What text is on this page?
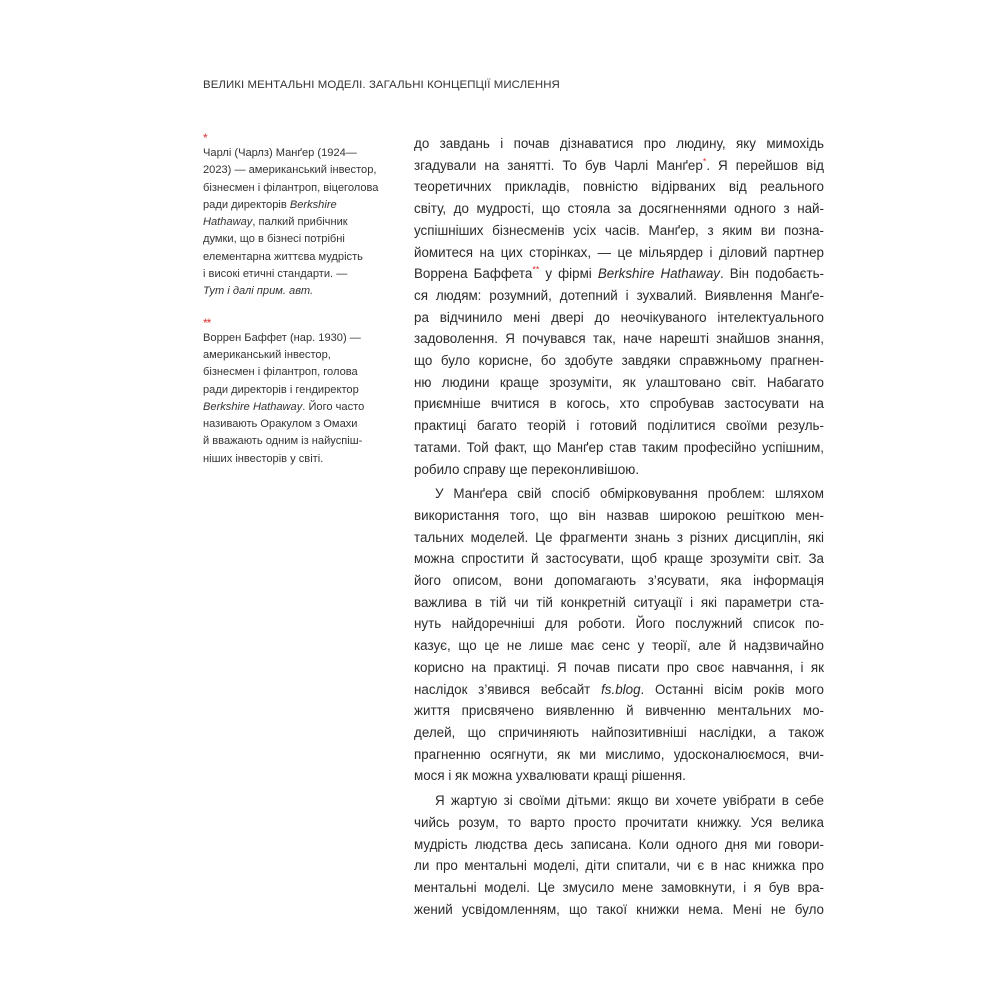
ВЕЛИКІ МЕНТАЛЬНІ МОДЕЛІ. ЗАГАЛЬНІ КОНЦЕПЦІЇ МИСЛЕННЯ
*
Чарлі (Чарлз) Манґер (1924—
2023) — американський інвестор,
бізнесмен і філантроп, віцеголова
ради директорів Berkshire
Hathaway, палкий прибічник
думки, що в бізнесі потрібні
елементарна життєва мудрість
і високі етичні стандарти. —
Тут і далі прим. авт.
**
Воррен Баффет (нар. 1930) —
американський інвестор,
бізнесмен і філантроп, голова
ради директорів і гендиректор
Berkshire Hathaway. Його часто
називають Оракулом з Омахи
й вважають одним із найуспіш-
ніших інвесторів у світі.
до завдань і почав дізнаватися про людину, яку мимохідь
згадували на занятті. То був Чарлі Манґер*. Я перейшов від
теоретичних прикладів, повністю відірваних від реального
світу, до мудрості, що стояла за досягненнями одного з най-
успішніших бізнесменів усіх часів. Манґер, з яким ви позна-
йомитеся на цих сторінках, — це мільярдер і діловий партнер
Воррена Баффета** у фірмі Berkshire Hathaway. Він подобаєть-
ся людям: розумний, дотепний і зухвалий. Виявлення Манґе-
ра відчинило мені двері до неочікуваного інтелектуального
задоволення. Я почувався так, наче нарешті знайшов знання,
що було корисне, бо здобуте завдяки справжньому прагнен-
ню людини краще зрозуміти, як улаштовано світ. Набагато
приємніше вчитися в когось, хто спробував застосувати на
практиці багато теорій і готовий поділитися своїми резуль-
татами. Той факт, що Манґер став таким професійно успішним,
робило справу ще переконливішою.
У Манґера свій спосіб обмірковування проблем: шляхом
використання того, що він назвав широкою решіткою мен-
тальних моделей. Це фрагменти знань з різних дисциплін, які
можна спростити й застосувати, щоб краще зрозуміти світ. За
його описом, вони допомагають з’ясувати, яка інформація
важлива в тій чи тій конкретній ситуації і які параметри ста-
нуть найдоречніші для роботи. Його послужний список по-
казує, що це не лише має сенс у теорії, але й надзвичайно
корисно на практиці. Я почав писати про своє навчання, і як
наслідок з’явився вебсайт fs.blog. Останні вісім років мого
життя присвячено виявленню й вивченню ментальних мо-
делей, що спричиняють найпозитивніші наслідки, а також
прагненню осягнути, як ми мислимо, удосконалюємося, вчи-
мося і як можна ухвалювати кращі рішення.
Я жартую зі своїми дітьми: якщо ви хочете увібрати в себе
чийсь розум, то варто просто прочитати книжку. Уся велика
мудрість людства десь записана. Коли одного дня ми говори-
ли про ментальні моделі, діти спитали, чи є в нас книжка про
ментальні моделі. Це змусило мене замовкнути, і я був вра-
жений усвідомленням, що такої книжки нема. Мені не було
